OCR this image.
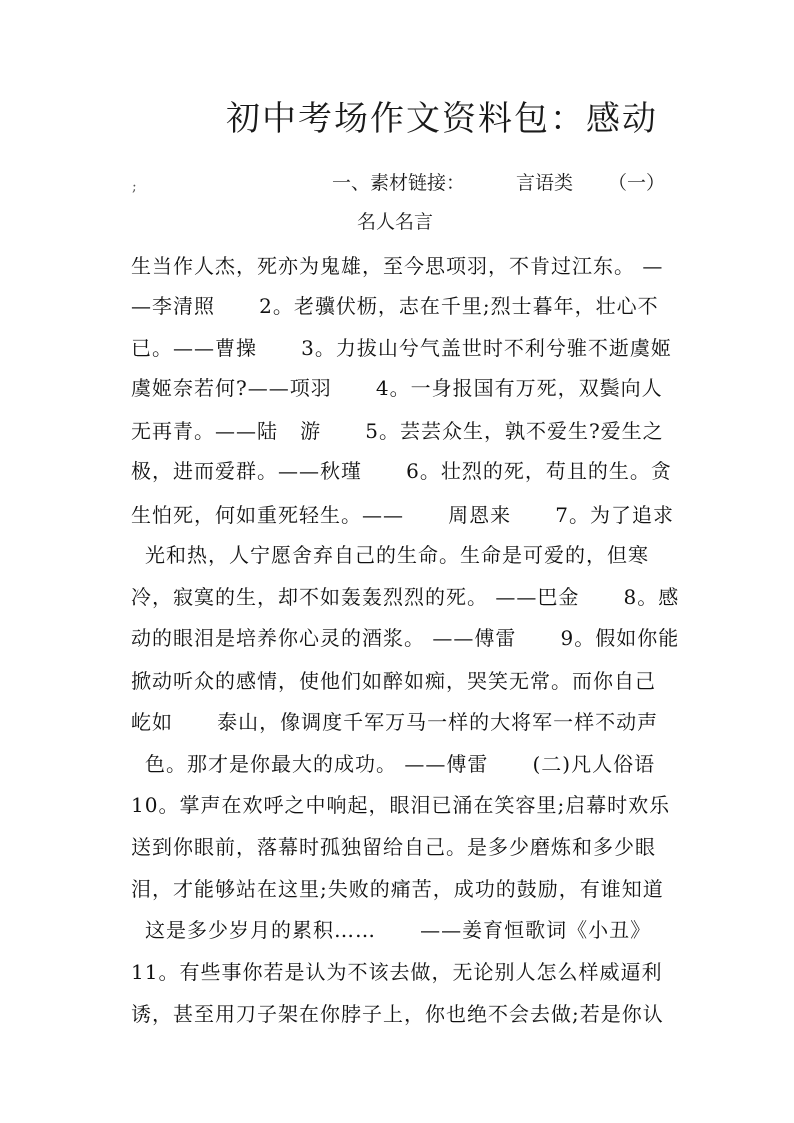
初中考场作文资料包：感动
;	一、素材链接：	言语类 （一）
名人名言
生当作人杰，死亦为鬼雄，至今思项羽，不肯过江东。 —
—李清照      2。老骥伏枥，志在千里;烈士暮年，壮心不
已。——曹操      3。力拔山兮气盖世时不利兮骓不逝虞姬
虞姬奈若何?——项羽      4。一身报国有万死，双鬓向人
无再青。——陆   游      5。芸芸众生，孰不爱生?爱生之
极，进而爱群。——秋瑾      6。壮烈的死，苟且的生。贪
生怕死，何如重死轻生。——      周恩来      7。为了追求
光和热，人宁愿舍弃自己的生命。生命是可爱的，但寒
冷，寂寞的生，却不如轰轰烈烈的死。 ——巴金      8。感
动的眼泪是培养你心灵的酒浆。 ——傅雷      9。假如你能
掀动听众的感情，使他们如醉如痴，哭笑无常。而你自己
屹如      泰山，像调度千军万马一样的大将军一样不动声
色。那才是你最大的成功。 ——傅雷      (二)凡人俗语
10。掌声在欢呼之中响起，眼泪已涌在笑容里;启幕时欢乐
送到你眼前，落幕时孤独留给自己。是多少磨炼和多少眼
泪，才能够站在这里;失败的痛苦，成功的鼓励，有谁知道
这是多少岁月的累积……      ——姜育恒歌词《小丑》
11。有些事你若是认为不该去做，无论别人怎么样威逼利
诱，甚至用刀子架在你脖子上，你也绝不会去做;若是你认
